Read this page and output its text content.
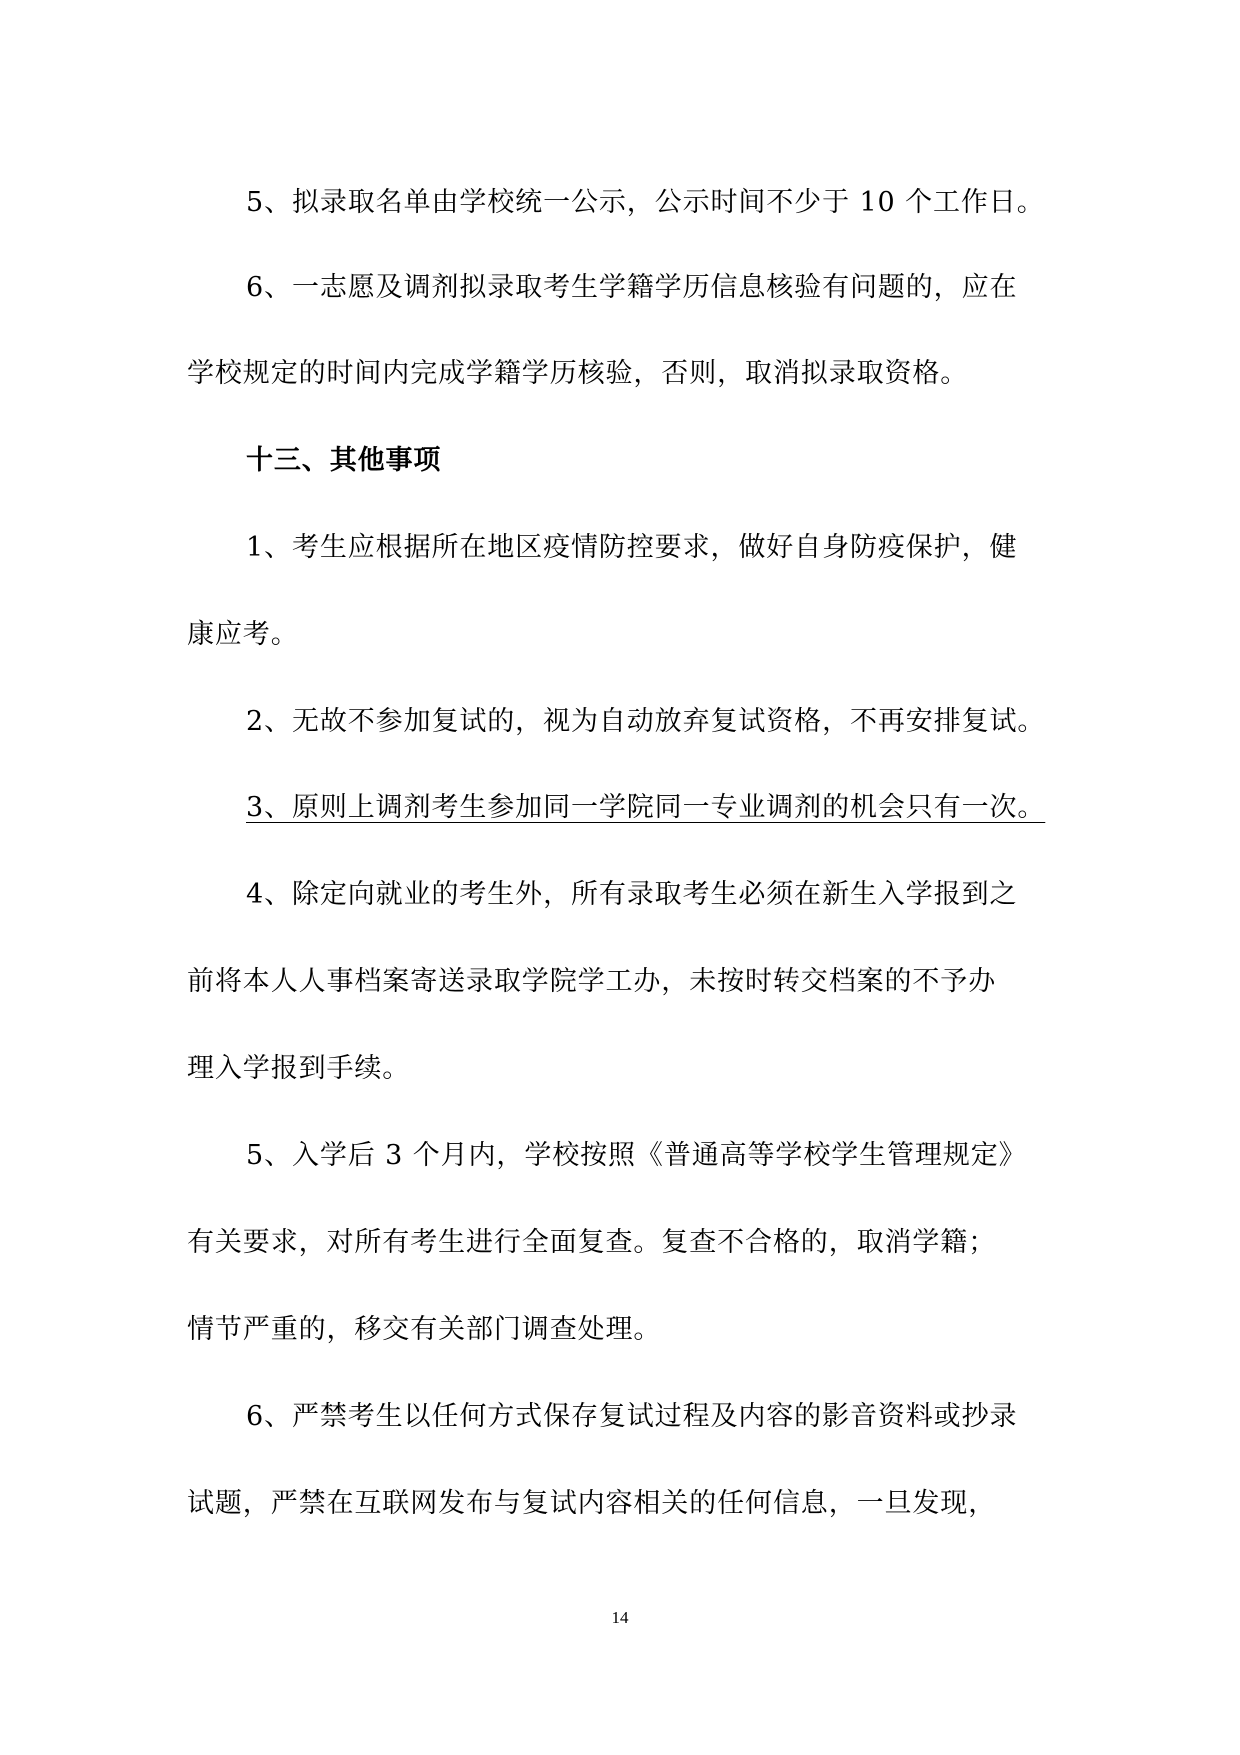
5、拟录取名单由学校统一公示，公示时间不少于 10 个工作日。
6、一志愿及调剂拟录取考生学籍学历信息核验有问题的，应在
学校规定的时间内完成学籍学历核验，否则，取消拟录取资格。
十三、其他事项
1、考生应根据所在地区疫情防控要求，做好自身防疫保护，健
康应考。
2、无故不参加复试的，视为自动放弃复试资格，不再安排复试。
3、原则上调剂考生参加同一学院同一专业调剂的机会只有一次。
4、除定向就业的考生外，所有录取考生必须在新生入学报到之
前将本人人事档案寄送录取学院学工办，未按时转交档案的不予办
理入学报到手续。
5、入学后 3 个月内，学校按照《普通高等学校学生管理规定》
有关要求，对所有考生进行全面复查。复查不合格的，取消学籍；
情节严重的，移交有关部门调查处理。
6、严禁考生以任何方式保存复试过程及内容的影音资料或抄录
试题，严禁在互联网发布与复试内容相关的任何信息，一旦发现，
14
